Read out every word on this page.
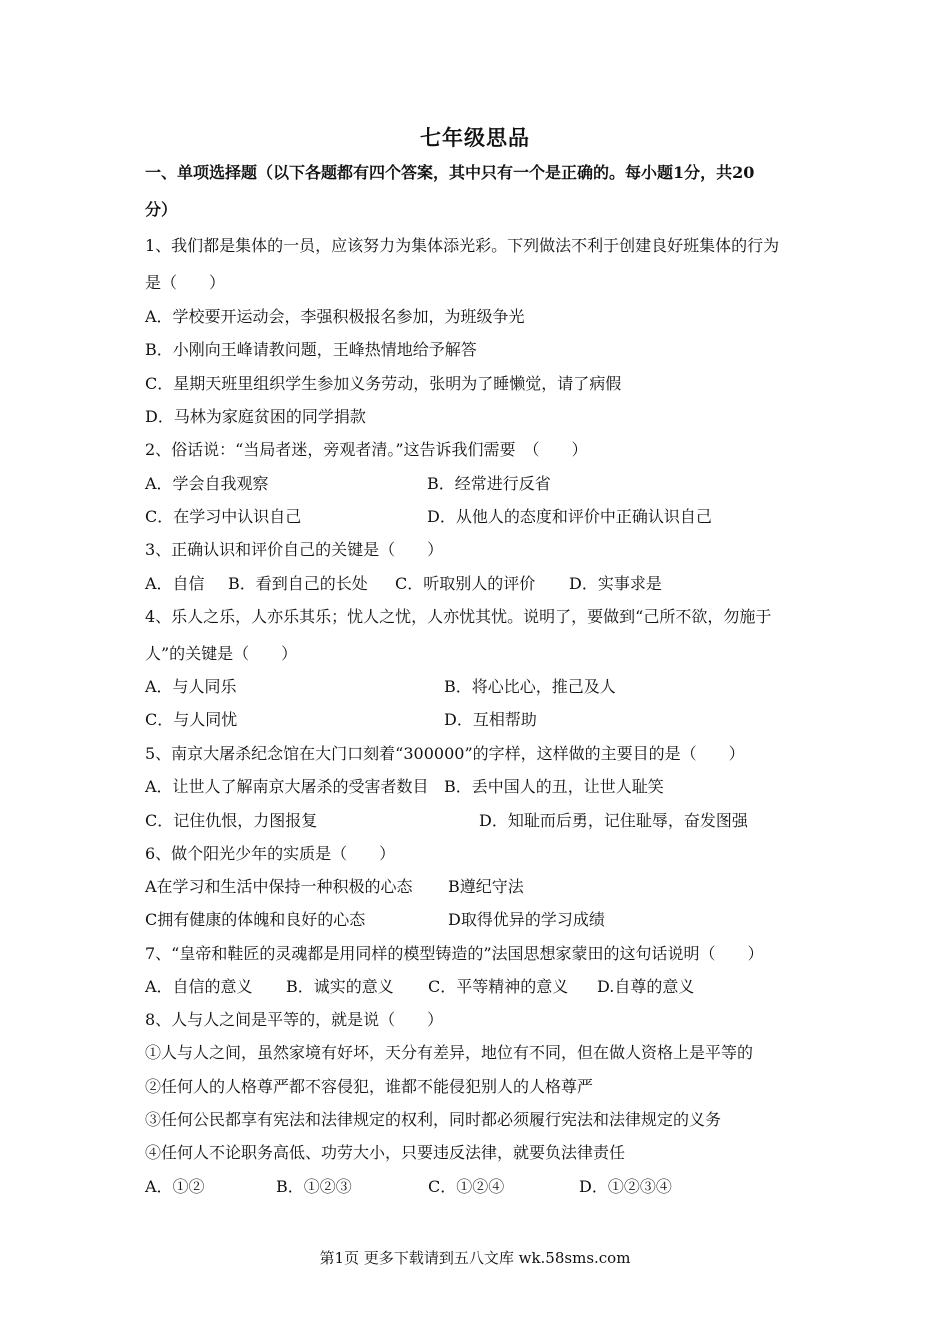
七年级思品
一、单项选择题（以下各题都有四个答案，其中只有一个是正确的。每小题1分，共20
分）
1、我们都是集体的一员，应该努力为集体添光彩。下列做法不利于创建良好班集体的行为
是（　　）
A．学校要开运动会，李强积极报名参加，为班级争光
B．小刚向王峰请教问题，王峰热情地给予解答
C．星期天班里组织学生参加义务劳动，张明为了睡懒觉，请了病假
D．马林为家庭贫困的同学捐款
2、俗话说：“当局者迷，旁观者清。”这告诉我们需要　（　　）
A．学会自我观察	B．经常进行反省
C．在学习中认识自己	D．从他人的态度和评价中正确认识自己
3、正确认识和评价自己的关键是（　　）
A．自信 B．看到自己的长处 C．听取别人的评价 D．实事求是
4、乐人之乐，人亦乐其乐；忧人之忧，人亦忧其忧。说明了，要做到“己所不欲，勿施于
人”的关键是（　　）
A．与人同乐	B．将心比心，推己及人
C．与人同忧	D．互相帮助
5、南京大屠杀纪念馆在大门口刻着“300000”的字样，这样做的主要目的是（　　）
A．让世人了解南京大屠杀的受害者数目 B．丢中国人的丑，让世人耻笑
C．记住仇恨，力图报复	D．知耻而后勇，记住耻辱，奋发图强
6、做个阳光少年的实质是（　　）
A在学习和生活中保持一种积极的心态 B遵纪守法
C拥有健康的体魄和良好的心态	D取得优异的学习成绩
7、“皇帝和鞋匠的灵魂都是用同样的模型铸造的”法国思想家蒙田的这句话说明（　　）
A．自信的意义 B．诚实的意义 C．平等精神的意义 D.自尊的意义
8、人与人之间是平等的，就是说（　　）
①人与人之间，虽然家境有好坏，天分有差异，地位有不同，但在做人资格上是平等的
②任何人的人格尊严都不容侵犯，谁都不能侵犯别人的人格尊严
③任何公民都享有宪法和法律规定的权利，同时都必须履行宪法和法律规定的义务
④任何人不论职务高低、功劳大小，只要违反法律，就要负法律责任
A．①②	B．①②③	C．①②④	D．①②③④
第1页 更多下载请到五八文库 wk.58sms.com
